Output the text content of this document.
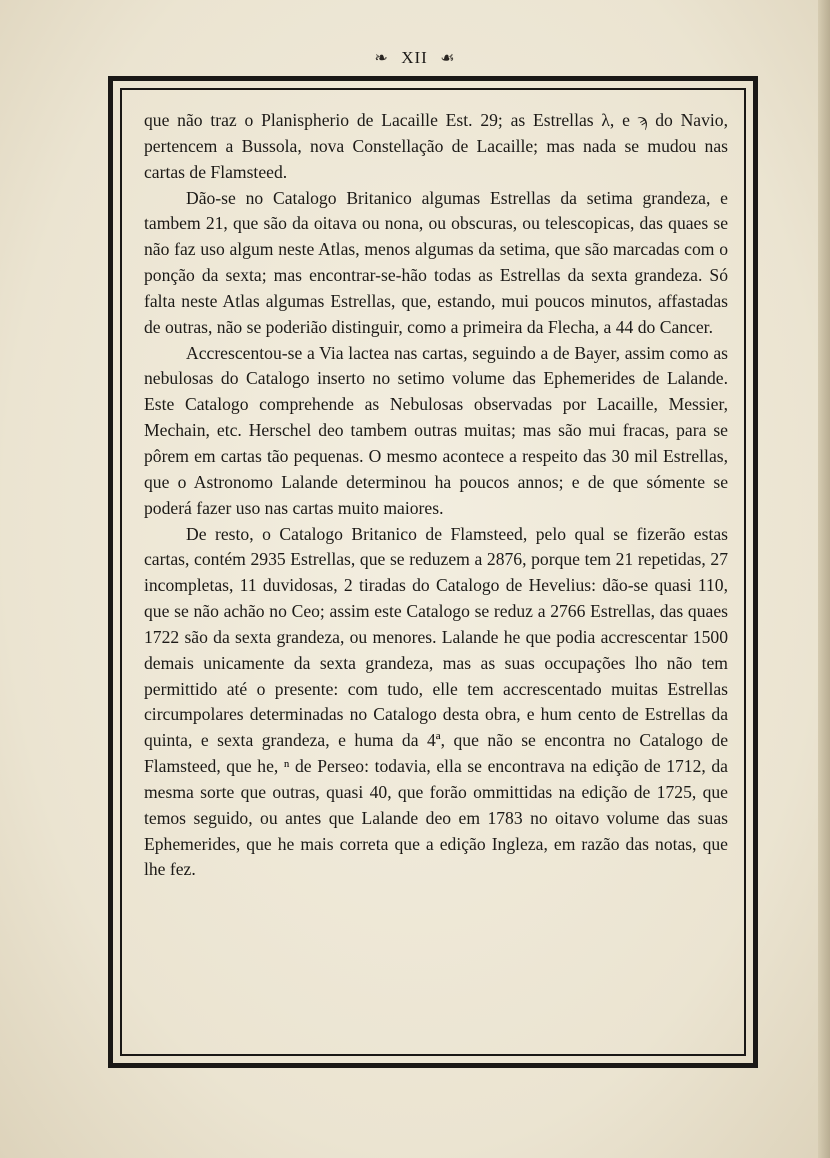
❧ XII ☙

que não traz o Planispherio de Lacaille Est. 29; as Estrellas λ, e ϡ do Navio, pertencem a Bussola, nova Constellação de Lacaille; mas nada se mudou nas cartas de Flamsteed.

Dão-se no Catalogo Britanico algumas Estrellas da setima grandeza, e tambem 21, que são da oitava ou nona, ou obscuras, ou telescopicas, das quaes se não faz uso algum neste Atlas, menos algumas da setima, que são marcadas com o ponção da sexta; mas encontrar-se-hão todas as Estrellas da sexta grandeza. Só falta neste Atlas algumas Estrellas, que, estando, mui poucos minutos, affastadas de outras, não se poderião distinguir, como a primeira da Flecha, a 44 do Cancer.

Accrescentou-se a Via lactea nas cartas, seguindo a de Bayer, assim como as nebulosas do Catalogo inserto no setimo volume das Ephemerides de Lalande. Este Catalogo comprehende as Nebulosas observadas por Lacaille, Messier, Mechain, etc. Herschel deo tambem outras muitas; mas são mui fracas, para se pôrem em cartas tão pequenas. O mesmo acontece a respeito das 30 mil Estrellas, que o Astronomo Lalande determinou ha poucos annos; e de que sómente se poderá fazer uso nas cartas muito maiores.

De resto, o Catalogo Britanico de Flamsteed, pelo qual se fizerão estas cartas, contém 2935 Estrellas, que se reduzem a 2876, porque tem 21 repetidas, 27 incompletas, 11 duvidosas, 2 tiradas do Catalogo de Hevelius: dão-se quasi 110, que se não achão no Ceo; assim este Catalogo se reduz a 2766 Estrellas, das quaes 1722 são da sexta grandeza, ou menores. Lalande he que podia accrescentar 1500 demais unicamente da sexta grandeza, mas as suas occupações lho não tem permittido até o presente: com tudo, elle tem accrescentado muitas Estrellas circumpolares determinadas no Catalogo desta obra, e hum cento de Estrellas da quinta, e sexta grandeza, e huma da 4ª, que não se encontra no Catalogo de Flamsteed, que he, ⁿ de Perseo: todavia, ella se encontrava na edição de 1712, da mesma sorte que outras, quasi 40, que forão ommittidas na edição de 1725, que temos seguido, ou antes que Lalande deo em 1783 no oitavo volume das suas Ephemerides, que he mais correta que a edição Ingleza, em razão das notas, que lhe fez.
